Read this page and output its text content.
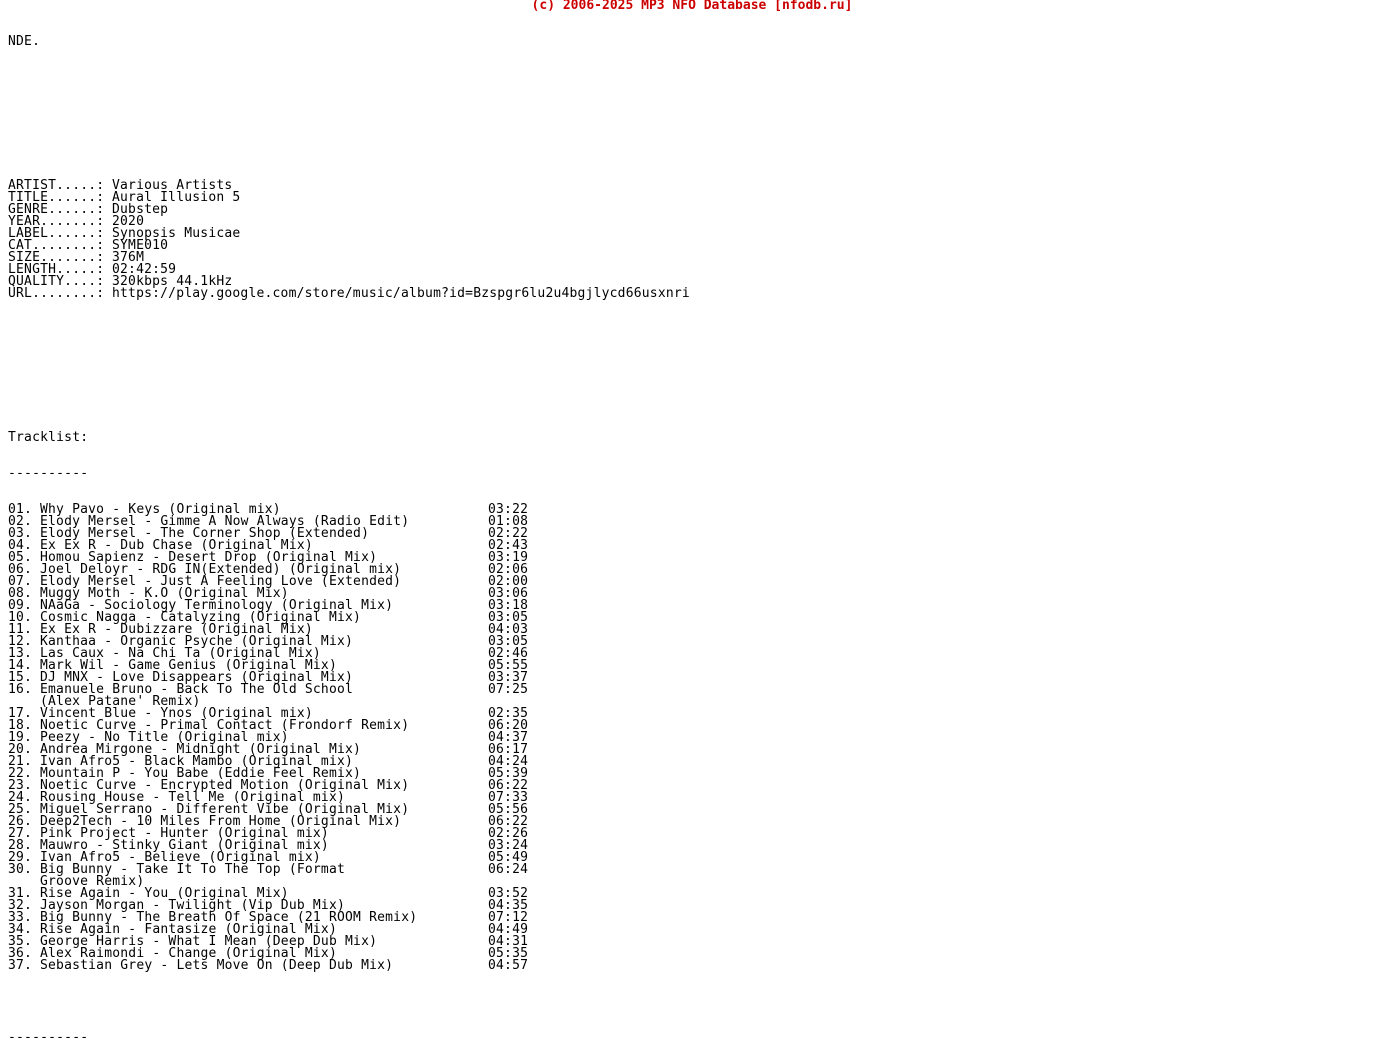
(c) 2006-2025 MP3 NFO Database [nfodb.ru]

NDE.

ARTIST.....: Various Artists
TITLE......: Aural Illusion 5
GENRE......: Dubstep
YEAR.......: 2020
LABEL......: Synopsis Musicae
CAT........: SYME010
SIZE.......: 376M
LENGTH.....: 02:42:59
QUALITY....: 320kbps 44.1kHz
URL........: https://play.google.com/store/music/album?id=Bzspgr6lu2u4bgjlycd66usxnri

Tracklist:

----------

01. Why Pavo - Keys (Original mix)	03:22
02. Elody Mersel - Gimme A Now Always (Radio Edit)	01:08
03. Elody Mersel - The Corner Shop (Extended)	02:22
04. Ex Ex R - Dub Chase (Original Mix)	02:43
05. Homou Sapienz - Desert Drop (Original Mix)	03:19
06. Joel Deloyr - RDG IN(Extended) (Original mix)	02:06
07. Elody Mersel - Just A Feeling Love (Extended)	02:00
08. Muggy Moth - K.O (Original Mix)	03:06
09. NAaGa - Sociology Terminology (Original Mix)	03:18
10. Cosmic Nagga - Catalyzing (Original Mix)	03:05
11. Ex Ex R - Dubizzare (Original Mix)	04:03
12. Kanthaa - Organic Psyche (Original Mix)	03:05
13. Las Caux - Na Chi Ta (Original Mix)	02:46
14. Mark Wil - Game Genius (Original Mix)	05:55
15. DJ MNX - Love Disappears (Original Mix)	03:37
16. Emanuele Bruno - Back To The Old School	07:25
(Alex Patane' Remix)
17. Vincent Blue - Ynos (Original mix)	02:35
18. Noetic Curve - Primal Contact (Frondorf Remix)	06:20
19. Peezy - No Title (Original mix)	04:37
20. Andrea Mirgone - Midnight (Original Mix)	06:17
21. Ivan Afro5 - Black Mambo (Original mix)	04:24
22. Mountain P - You Babe (Eddie Feel Remix)	05:39
23. Noetic Curve - Encrypted Motion (Original Mix)	06:22
24. Rousing House - Tell Me (Original mix)	07:33
25. Miguel Serrano - Different Vibe (Original Mix)	05:56
26. Deep2Tech - 10 Miles From Home (Original Mix)	06:22
27. Pink Project - Hunter (Original mix)	02:26
28. Mauwro - Stinky Giant (Original mix)	03:24
29. Ivan Afro5 - Believe (Original mix)	05:49
30. Big Bunny - Take It To The Top (Format	06:24
Groove Remix)
31. Rise Again - You (Original Mix)	03:52
32. Jayson Morgan - Twilight (Vip Dub Mix)	04:35
33. Big Bunny - The Breath Of Space (21 ROOM Remix)	07:12
34. Rise Again - Fantasize (Original Mix)	04:49
35. George Harris - What I Mean (Deep Dub Mix)	04:31
36. Alex Raimondi - Change (Original Mix)	05:35
37. Sebastian Grey - Lets Move On (Deep Dub Mix)	04:57

----------
